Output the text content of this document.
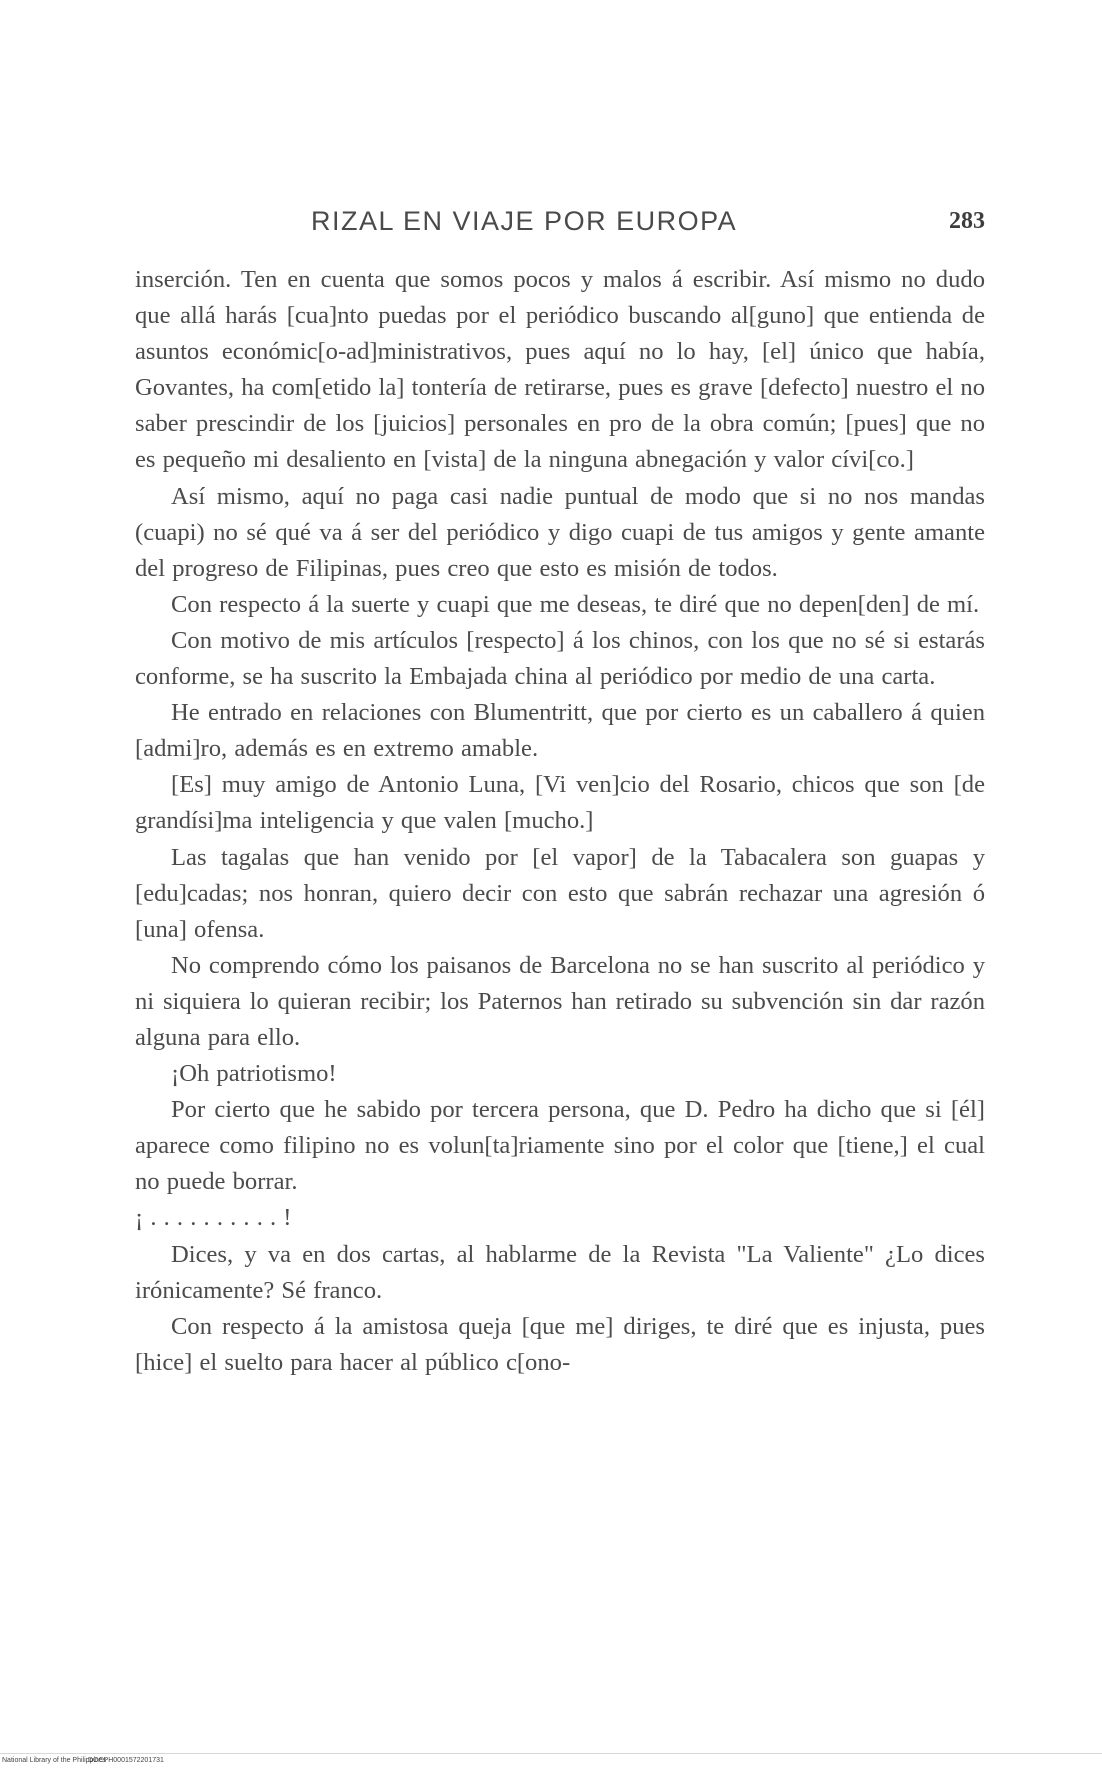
RIZAL EN VIAJE POR EUROPA	283

inserción. Ten en cuenta que somos pocos y malos á escribir. Así mismo no dudo que allá harás [cua]nto puedas por el periódico buscando al[guno] que entienda de asuntos económic[o-ad]ministrativos, pues aquí no lo hay, [el] único que había, Govantes, ha com[etido la] tontería de retirarse, pues es grave [defecto] nuestro el no saber prescindir de los [juicios] personales en pro de la obra común; [pues] que no es pequeño mi desaliento en [vista] de la ninguna abnegación y valor cívi[co.]

Así mismo, aquí no paga casi nadie puntual de modo que si no nos mandas (cuapi) no sé qué va á ser del periódico y digo cuapi de tus amigos y gente amante del progreso de Filipinas, pues creo que esto es misión de todos.

Con respecto á la suerte y cuapi que me deseas, te diré que no depen[den] de mí.

Con motivo de mis artículos [respecto] á los chinos, con los que no sé si estarás conforme, se ha suscrito la Embajada china al periódico por medio de una carta.

He entrado en relaciones con Blumentritt, que por cierto es un caballero á quien [admi]ro, además es en extremo amable.

[Es] muy amigo de Antonio Luna, [Vi ven]cio del Rosario, chicos que son [de grandísi]ma inteligencia y que valen [mucho.]

Las tagalas que han venido por [el vapor] de la Tabacalera son guapas y [edu]cadas; nos honran, quiero decir con esto que sabrán rechazar una agresión ó [una] ofensa.

No comprendo cómo los paisanos de Barcelona no se han suscrito al periódico y ni siquiera lo quieran recibir; los Paternos han retirado su subvención sin dar razón alguna para ello.

¡Oh patriotismo!

Por cierto que he sabido por tercera persona, que D. Pedro ha dicho que si [él] aparece como filipino no es volun[ta]riamente sino por el color que [tiene,] el cual no puede borrar.

¡ . . . . . . . . . . !

Dices, y va en dos cartas, al hablarme de la Revista "La Valiente" ¿Lo dices irónicamente? Sé franco.

Con respecto á la amistosa queja [que me] diriges, te diré que es injusta, pues [hice] el suelto para hacer al público c[ono-

National Library of the Philippines
DOCPH0001572201731
